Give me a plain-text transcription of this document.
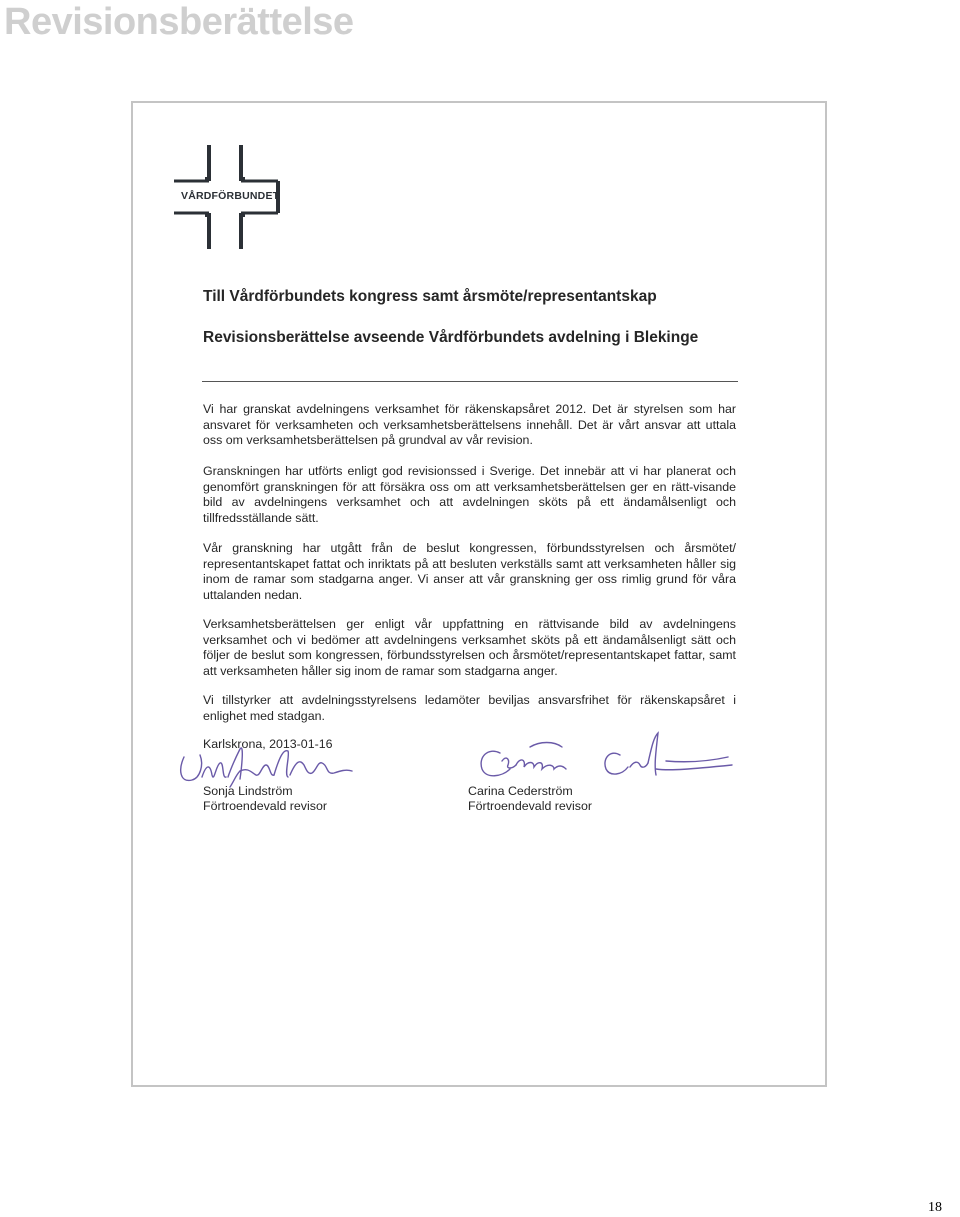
Revisionsberättelse
VÅRDFÖRBUNDET
Till Vårdförbundets kongress samt årsmöte/representantskap
Revisionsberättelse avseende Vårdförbundets avdelning i Blekinge

Vi har granskat avdelningens verksamhet för räkenskapsåret 2012. Det är styrelsen som har ansvaret för verksamheten och verksamhetsberättelsens innehåll. Det är vårt ansvar att uttala oss om verksamhetsberättelsen på grundval av vår revision.

Granskningen har utförts enligt god revisionssed i Sverige. Det innebär att vi har planerat och genomfört granskningen för att försäkra oss om att verksamhetsberättelsen ger en rätt-visande bild av avdelningens verksamhet och att avdelningen sköts på ett ändamålsenligt och tillfredsställande sätt.

Vår granskning har utgått från de beslut kongressen, förbundsstyrelsen och årsmötet/ representantskapet fattat och inriktats på att besluten verkställs samt att verksamheten håller sig inom de ramar som stadgarna anger. Vi anser att vår granskning ger oss rimlig grund för våra uttalanden nedan.

Verksamhetsberättelsen ger enligt vår uppfattning en rättvisande bild av avdelningens verksamhet och vi bedömer att avdelningens verksamhet sköts på ett ändamålsenligt sätt och följer de beslut som kongressen, förbundsstyrelsen och årsmötet/representantskapet fattar, samt att verksamheten håller sig inom de ramar som stadgarna anger.

Vi tillstyrker att avdelningsstyrelsens ledamöter beviljas ansvarsfrihet för räkenskapsåret i enlighet med stadgan.

Karlskrona, 2013-01-16
Sonja Lindström
Förtroendevald revisor
Carina Cederström
Förtroendevald revisor
18
